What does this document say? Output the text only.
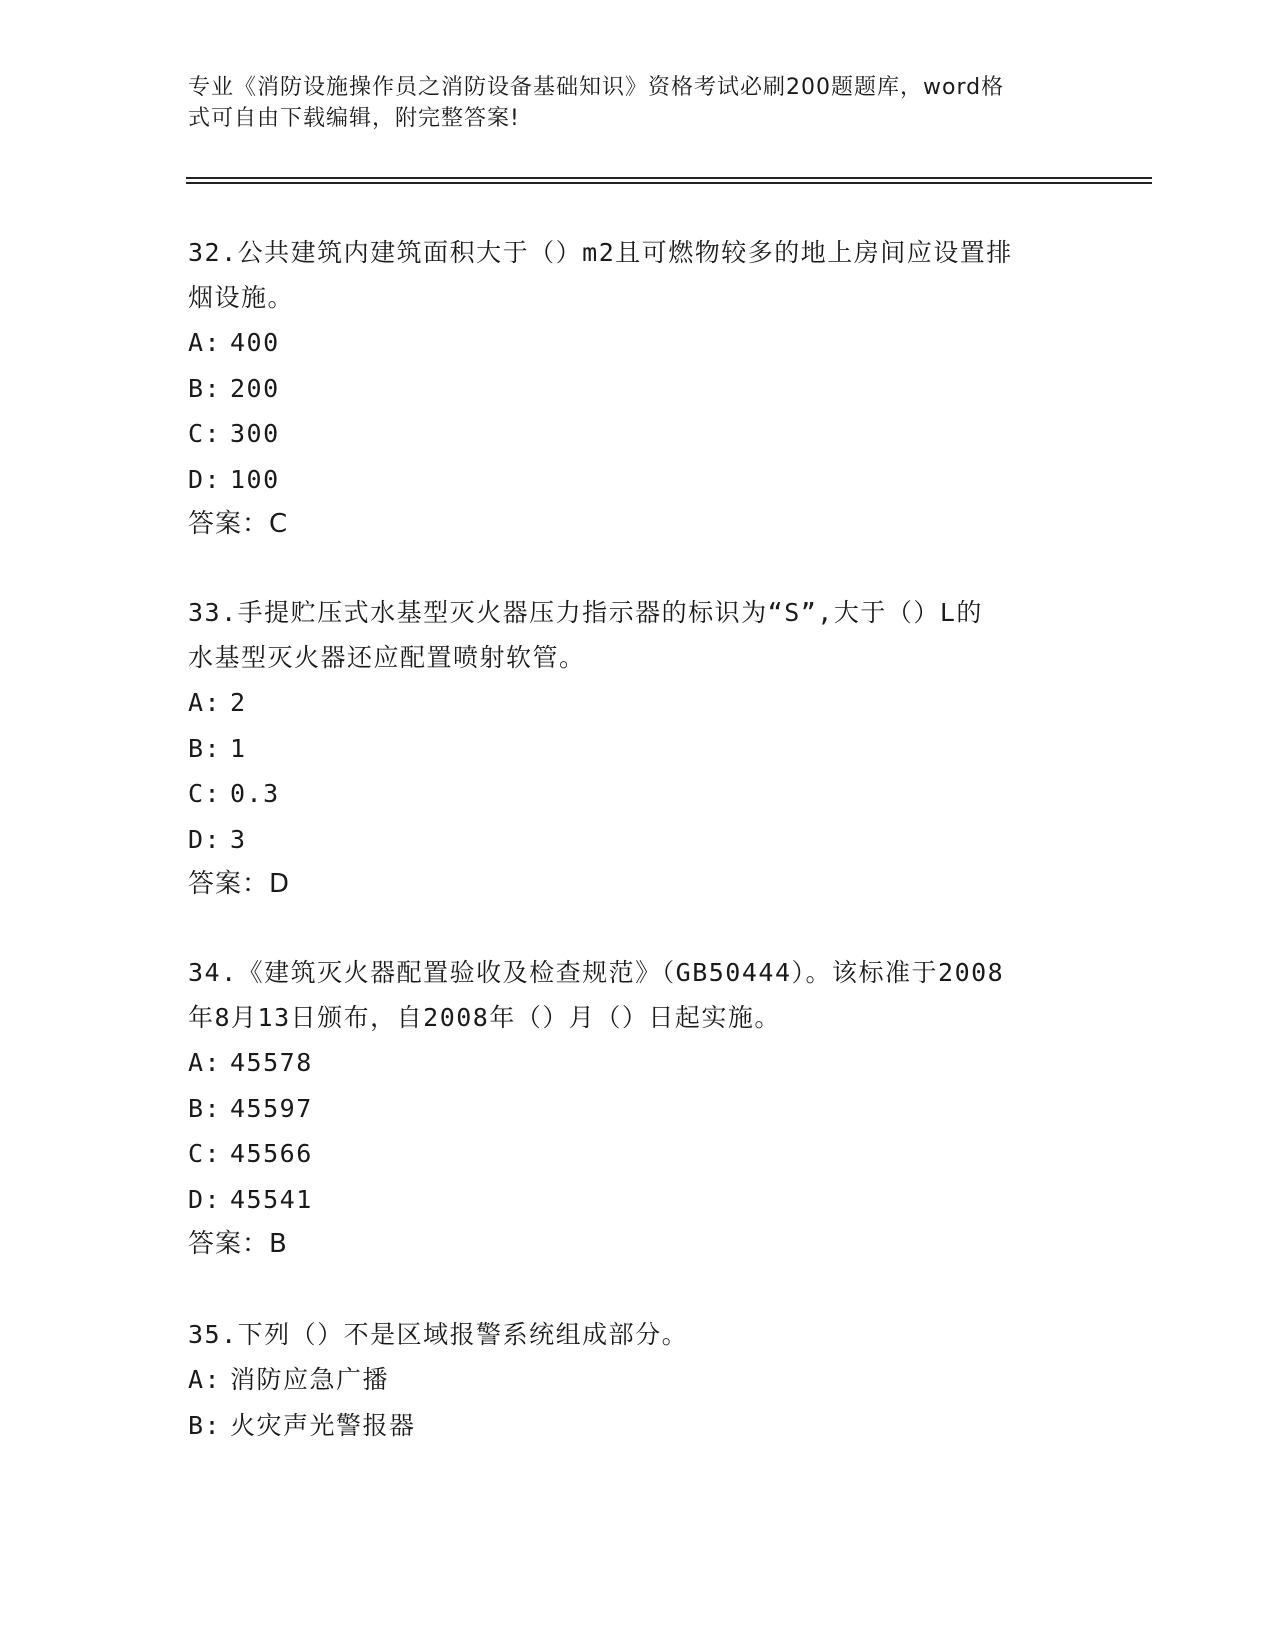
专业《消防设施操作员之消防设备基础知识》资格考试必刷200题题库，word格
式可自由下载编辑，附完整答案!

32.公共建筑内建筑面积大于（）m2且可燃物较多的地上房间应设置排
烟设施。

A: 400

B: 200

C: 300

D: 100

答案：C

33.手提贮压式水基型灭火器压力指示器的标识为“S”,大于（）L的
水基型灭火器还应配置喷射软管。

A: 2

B: 1

C: 0.3

D: 3

答案：D

34.《建筑灭火器配置验收及检查规范》（GB50444）。该标准于2008
年8月13日颁布，自2008年（）月（）日起实施。

A: 45578

B: 45597

C: 45566

D: 45541

答案：B

35.下列（）不是区域报警系统组成部分。

A: 消防应急广播

B: 火灾声光警报器
